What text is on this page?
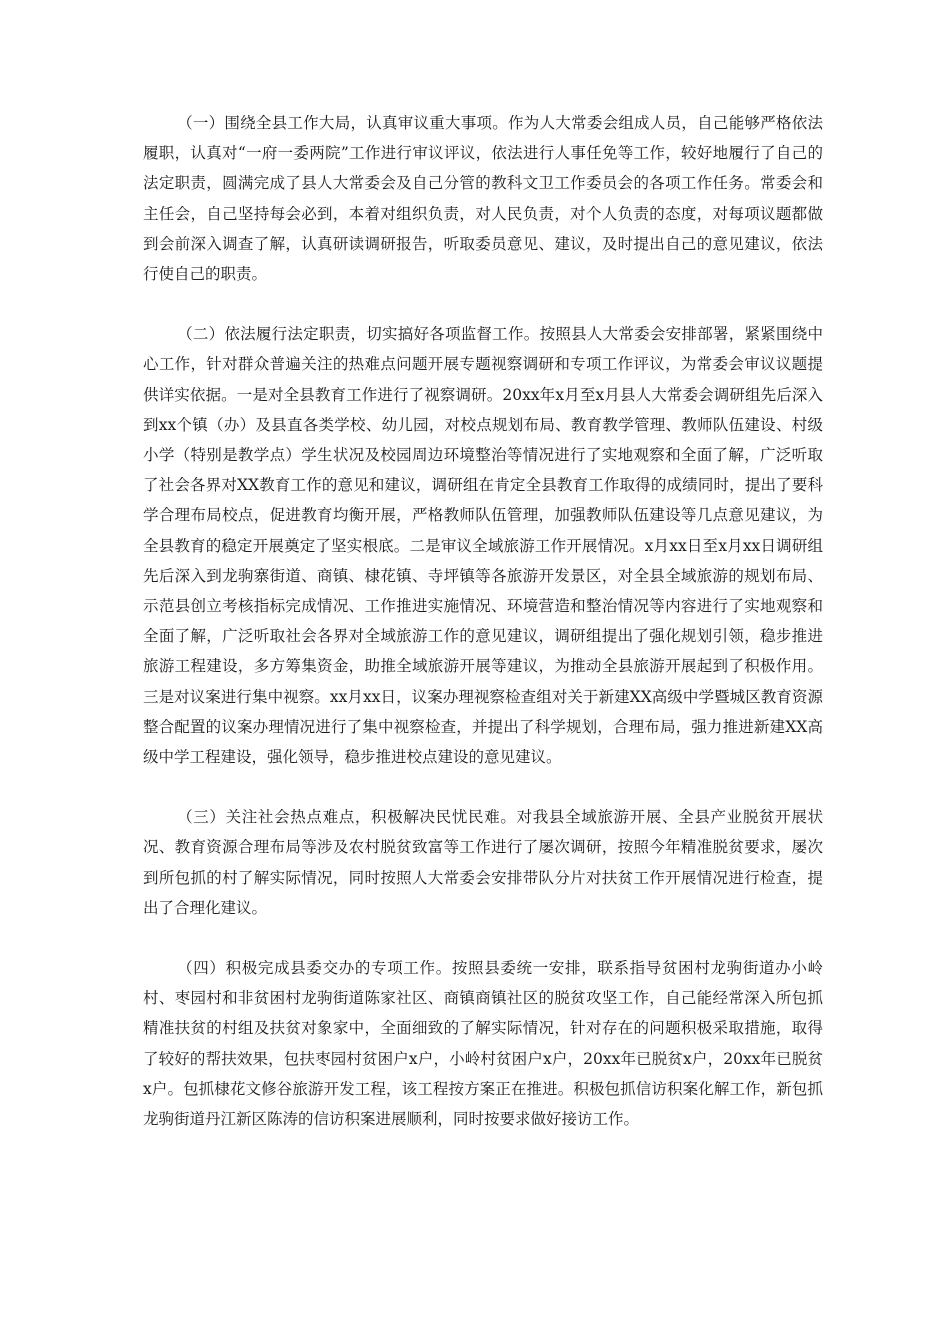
（一）围绕全县工作大局，认真审议重大事项。作为人大常委会组成人员，自己能够严格依法履职，认真对“一府一委两院”工作进行审议评议，依法进行人事任免等工作，较好地履行了自己的法定职责，圆满完成了县人大常委会及自己分管的教科文卫工作委员会的各项工作任务。常委会和主任会，自己坚持每会必到，本着对组织负责，对人民负责，对个人负责的态度，对每项议题都做到会前深入调查了解，认真研读调研报告，听取委员意见、建议，及时提出自己的意见建议，依法行使自己的职责。

（二）依法履行法定职责，切实搞好各项监督工作。按照县人大常委会安排部署，紧紧围绕中心工作，针对群众普遍关注的热难点问题开展专题视察调研和专项工作评议，为常委会审议议题提供详实依据。一是对全县教育工作进行了视察调研。20xx年x月至x月县人大常委会调研组先后深入到xx个镇（办）及县直各类学校、幼儿园，对校点规划布局、教育教学管理、教师队伍建设、村级小学（特别是教学点）学生状况及校园周边环境整治等情况进行了实地观察和全面了解，广泛听取了社会各界对XX教育工作的意见和建议，调研组在肯定全县教育工作取得的成绩同时，提出了要科学合理布局校点，促进教育均衡开展，严格教师队伍管理，加强教师队伍建设等几点意见建议，为全县教育的稳定开展奠定了坚实根底。二是审议全域旅游工作开展情况。x月xx日至x月xx日调研组先后深入到龙驹寨街道、商镇、棣花镇、寺坪镇等各旅游开发景区，对全县全域旅游的规划布局、示范县创立考核指标完成情况、工作推进实施情况、环境营造和整治情况等内容进行了实地观察和全面了解，广泛听取社会各界对全域旅游工作的意见建议，调研组提出了强化规划引领，稳步推进旅游工程建设，多方筹集资金，助推全域旅游开展等建议，为推动全县旅游开展起到了积极作用。三是对议案进行集中视察。xx月xx日，议案办理视察检查组对关于新建XX高级中学暨城区教育资源整合配置的议案办理情况进行了集中视察检查，并提出了科学规划，合理布局，强力推进新建XX高级中学工程建设，强化领导，稳步推进校点建设的意见建议。

（三）关注社会热点难点，积极解决民忧民难。对我县全域旅游开展、全县产业脱贫开展状况、教育资源合理布局等涉及农村脱贫致富等工作进行了屡次调研，按照今年精准脱贫要求，屡次到所包抓的村了解实际情况，同时按照人大常委会安排带队分片对扶贫工作开展情况进行检查，提出了合理化建议。

（四）积极完成县委交办的专项工作。按照县委统一安排，联系指导贫困村龙驹街道办小岭村、枣园村和非贫困村龙驹街道陈家社区、商镇商镇社区的脱贫攻坚工作，自己能经常深入所包抓精准扶贫的村组及扶贫对象家中，全面细致的了解实际情况，针对存在的问题积极采取措施，取得了较好的帮扶效果，包扶枣园村贫困户x户，小岭村贫困户x户，20xx年已脱贫x户，20xx年已脱贫x户。包抓棣花文修谷旅游开发工程，该工程按方案正在推进。积极包抓信访积案化解工作，新包抓龙驹街道丹江新区陈涛的信访积案进展顺利，同时按要求做好接访工作。
